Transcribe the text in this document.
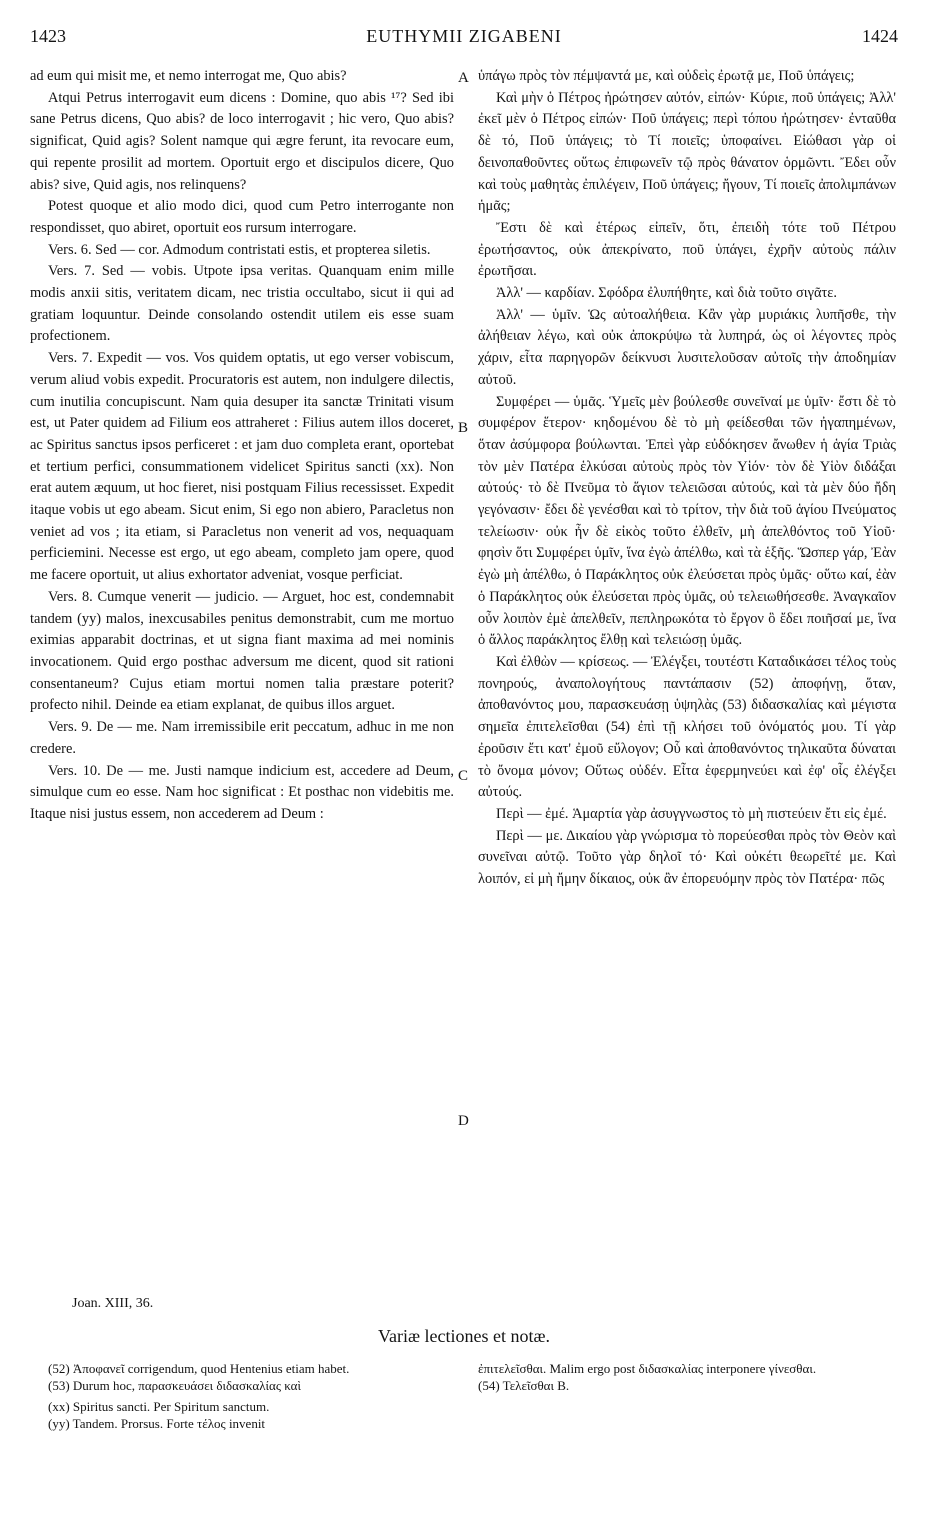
1423	EUTHYMII ZIGABENI	1424

ad eum qui misit me, et nemo interrogat me, Quo abis?

Atqui Petrus interrogavit eum dicens : Domine, quo abis ¹⁷? Sed ibi sane Petrus dicens, Quo abis? de loco interrogavit ; hic vero, Quo abis? significat, Quid agis? Solent namque qui ægre ferunt, ita revocare eum, qui repente prosilit ad mortem. Oportuit ergo et discipulos dicere, Quo abis? sive, Quid agis, nos relinquens?

Potest quoque et alio modo dici, quod cum Petro interrogante non respondisset, quo abiret, oportuit eos rursum interrogare.

Vers. 6. Sed — cor. Admodum contristati estis, et propterea siletis.

Vers. 7. Sed — vobis. Utpote ipsa veritas. Quanquam enim mille modis anxii sitis, veritatem dicam, nec tristia occultabo, sicut ii qui ad gratiam loquuntur. Deinde consolando ostendit utilem eis esse suam profectionem.

Vers. 7. Expedit — vos. Vos quidem optatis, ut ego verser vobiscum, verum aliud vobis expedit. Procuratoris est autem, non indulgere dilectis, cum inutilia concupiscunt. Nam quia desuper ita sanctæ Trinitati visum est, ut Pater quidem ad Filium eos attraheret : Filius autem illos doceret, ac Spiritus sanctus ipsos perficeret : et jam duo completa erant, oportebat et tertium perfici, consummationem videlicet Spiritus sancti (xx). Non erat autem æquum, ut hoc fieret, nisi postquam Filius recessisset. Expedit itaque vobis ut ego abeam. Sicut enim, Si ego non abiero, Paracletus non veniet ad vos ; ita etiam, si Paracletus non venerit ad vos, nequaquam perficiemini. Necesse est ergo, ut ego abeam, completo jam opere, quod me facere oportuit, ut alius exhortator adveniat, vosque perficiat.

Vers. 8. Cumque venerit — judicio. — Arguet, hoc est, condemnabit tandem (yy) malos, inexcusabiles penitus demonstrabit, cum me mortuo eximias apparabit doctrinas, et ut signa fiant maxima ad mei nominis invocationem. Quid ergo posthac adversum me dicent, quod sit rationi consentaneum? Cujus etiam mortui nomen talia præstare poterit? profecto nihil. Deinde ea etiam explanat, de quibus illos arguet.

Vers. 9. De — me. Nam irremissibile erit peccatum, adhuc in me non credere.

Vers. 10. De — me. Justi namque indicium est, accedere ad Deum, simulque cum eo esse. Nam hoc significat : Et posthac non videbitis me. Itaque nisi justus essem, non accederem ad Deum :

A
B
C
D

ὑπάγω πρὸς τὸν πέμψαντά με, καὶ οὐδεὶς ἐρωτᾷ με, Ποῦ ὑπάγεις;

Καὶ μὴν ὁ Πέτρος ἠρώτησεν αὐτόν, εἰπών· Κύριε, ποῦ ὑπάγεις; Ἀλλ' ἐκεῖ μὲν ὁ Πέτρος εἰπών· Ποῦ ὑπάγεις; περὶ τόπου ἠρώτησεν· ἐνταῦθα δὲ τό, Ποῦ ὑπάγεις; τὸ Τί ποιεῖς; ὑποφαίνει. Εἰώθασι γὰρ οἱ δεινοπαθοῦντες οὕτως ἐπιφωνεῖν τῷ πρὸς θάνατον ὁρμῶντι. Ἔδει οὖν καὶ τοὺς μαθητὰς ἐπιλέγειν, Ποῦ ὑπάγεις; ἤγουν, Τί ποιεῖς ἀπολιμπάνων ἡμᾶς;

Ἔστι δὲ καὶ ἑτέρως εἰπεῖν, ὅτι, ἐπειδὴ τότε τοῦ Πέτρου ἐρωτήσαντος, οὐκ ἀπεκρίνατο, ποῦ ὑπάγει, ἐχρῆν αὐτοὺς πάλιν ἐρωτῆσαι.

Ἀλλ' — καρδίαν. Σφόδρα ἐλυπήθητε, καὶ διὰ τοῦτο σιγᾶτε.

Ἀλλ' — ὑμῖν. Ὡς αὐτοαλήθεια. Κἂν γὰρ μυριάκις λυπῆσθε, τὴν ἀλήθειαν λέγω, καὶ οὐκ ἀποκρύψω τὰ λυπηρά, ὡς οἱ λέγοντες πρὸς χάριν, εἶτα παρηγορῶν δείκνυσι λυσιτελοῦσαν αὐτοῖς τὴν ἀποδημίαν αὐτοῦ.

Συμφέρει — ὑμᾶς. Ὑμεῖς μὲν βούλεσθε συνεῖναί με ὑμῖν· ἔστι δὲ τὸ συμφέρον ἕτερον· κηδομένου δὲ τὸ μὴ φείδεσθαι τῶν ἠγαπημένων, ὅταν ἀσύμφορα βούλωνται. Ἐπεὶ γὰρ εὐδόκησεν ἄνωθεν ἡ ἁγία Τριὰς τὸν μὲν Πατέρα ἑλκύσαι αὐτοὺς πρὸς τὸν Υἱόν· τὸν δὲ Υἱὸν διδάξαι αὐτούς· τὸ δὲ Πνεῦμα τὸ ἅγιον τελειῶσαι αὐτούς, καὶ τὰ μὲν δύο ἤδη γεγόνασιν· ἔδει δὲ γενέσθαι καὶ τὸ τρίτον, τὴν διὰ τοῦ ἁγίου Πνεύματος τελείωσιν· οὐκ ἦν δὲ εἰκὸς τοῦτο ἐλθεῖν, μὴ ἀπελθόντος τοῦ Υἱοῦ· φησὶν ὅτι Συμφέρει ὑμῖν, ἵνα ἐγὼ ἀπέλθω, καὶ τὰ ἑξῆς. Ὥσπερ γάρ, Ἐὰν ἐγὼ μὴ ἀπέλθω, ὁ Παράκλητος οὐκ ἐλεύσεται πρὸς ὑμᾶς· οὕτω καί, ἐὰν ὁ Παράκλητος οὐκ ἐλεύσεται πρὸς ὑμᾶς, οὐ τελειωθήσεσθε. Ἀναγκαῖον οὖν λοιπὸν ἐμὲ ἀπελθεῖν, πεπληρωκότα τὸ ἔργον ὃ ἔδει ποιῆσαί με, ἵνα ὁ ἄλλος παράκλητος ἔλθῃ καὶ τελειώσῃ ὑμᾶς.

Καὶ ἐλθὼν — κρίσεως. — Ἐλέγξει, τουτέστι Καταδικάσει τέλος τοὺς πονηρούς, ἀναπολογήτους παντάπασιν (52) ἀποφήνῃ, ὅταν, ἀποθανόντος μου, παρασκευάσῃ ὑψηλὰς (53) διδασκαλίας καὶ μέγιστα σημεῖα ἐπιτελεῖσθαι (54) ἐπὶ τῇ κλήσει τοῦ ὀνόματός μου. Τί γὰρ ἐροῦσιν ἔτι κατ' ἐμοῦ εὔλογον; Οὗ καὶ ἀποθανόντος τηλικαῦτα δύναται τὸ ὄνομα μόνον; Οὕτως οὐδέν. Εἶτα ἑφερμηνεύει καὶ ἐφ' οἷς ἐλέγξει αὐτούς.

Περὶ — ἐμέ. Ἁμαρτία γὰρ ἀσυγγνωστος τὸ μὴ πιστεύειν ἔτι εἰς ἐμέ.

Περὶ — με. Δικαίου γὰρ γνώρισμα τὸ πορεύεσθαι πρὸς τὸν Θεὸν καὶ συνεῖναι αὐτῷ. Τοῦτο γὰρ δηλοῖ τό· Καὶ οὐκέτι θεωρεῖτέ με. Καὶ λοιπόν, εἰ μὴ ἤμην δίκαιος, οὐκ ἂν ἐπορευόμην πρὸς τὸν Πατέρα· πῶς

Joan. XIII, 36.
Variæ lectiones et notæ.

(52) Ἀποφανεῖ corrigendum, quod Hentenius etiam habet.

(53) Durum hoc, παρασκευάσει διδασκαλίας καὶ

(xx) Spiritus sancti. Per Spiritum sanctum.

(yy) Tandem. Prorsus. Forte τέλος invenit

ἐπιτελεῖσθαι. Malim ergo post διδασκαλίας interponere γίνεσθαι.

(54) Τελεῖσθαι B.
